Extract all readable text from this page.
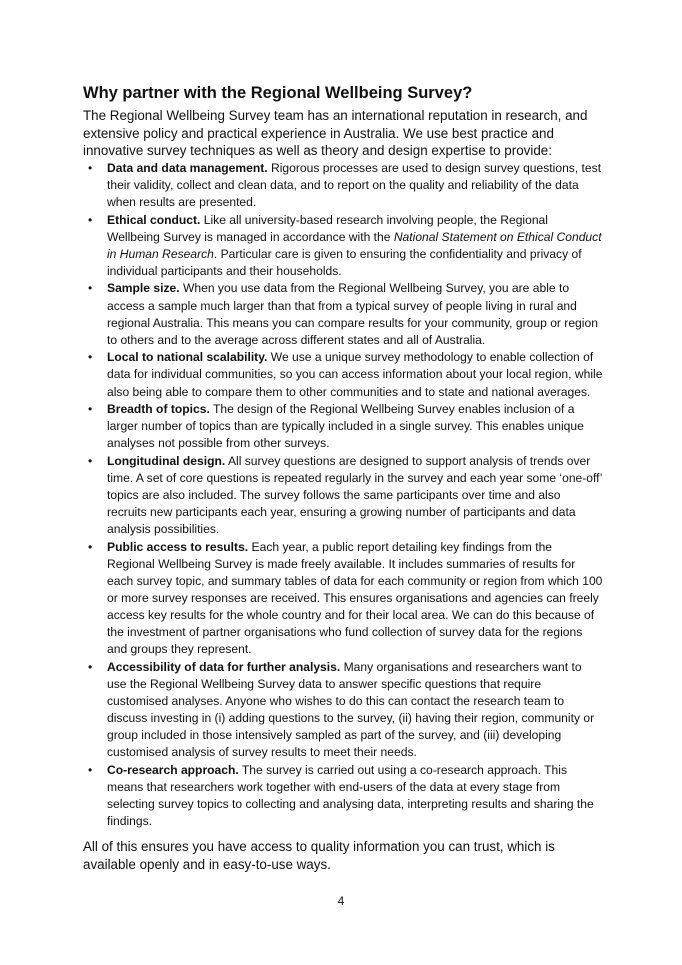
Why partner with the Regional Wellbeing Survey?

The Regional Wellbeing Survey team has an international reputation in research, and extensive policy and practical experience in Australia. We use best practice and innovative survey techniques as well as theory and design expertise to provide:

• Data and data management. Rigorous processes are used to design survey questions, test their validity, collect and clean data, and to report on the quality and reliability of the data when results are presented.
• Ethical conduct. Like all university-based research involving people, the Regional Wellbeing Survey is managed in accordance with the National Statement on Ethical Conduct in Human Research. Particular care is given to ensuring the confidentiality and privacy of individual participants and their households.
• Sample size. When you use data from the Regional Wellbeing Survey, you are able to access a sample much larger than that from a typical survey of people living in rural and regional Australia. This means you can compare results for your community, group or region to others and to the average across different states and all of Australia.
• Local to national scalability. We use a unique survey methodology to enable collection of data for individual communities, so you can access information about your local region, while also being able to compare them to other communities and to state and national averages.
• Breadth of topics. The design of the Regional Wellbeing Survey enables inclusion of a larger number of topics than are typically included in a single survey. This enables unique analyses not possible from other surveys.
• Longitudinal design. All survey questions are designed to support analysis of trends over time. A set of core questions is repeated regularly in the survey and each year some ‘one-off’ topics are also included. The survey follows the same participants over time and also recruits new participants each year, ensuring a growing number of participants and data analysis possibilities.
• Public access to results. Each year, a public report detailing key findings from the Regional Wellbeing Survey is made freely available. It includes summaries of results for each survey topic, and summary tables of data for each community or region from which 100 or more survey responses are received. This ensures organisations and agencies can freely access key results for the whole country and for their local area. We can do this because of the investment of partner organisations who fund collection of survey data for the regions and groups they represent.
• Accessibility of data for further analysis. Many organisations and researchers want to use the Regional Wellbeing Survey data to answer specific questions that require customised analyses. Anyone who wishes to do this can contact the research team to discuss investing in (i) adding questions to the survey, (ii) having their region, community or group included in those intensively sampled as part of the survey, and (iii) developing customised analysis of survey results to meet their needs.
• Co-research approach. The survey is carried out using a co-research approach. This means that researchers work together with end-users of the data at every stage from selecting survey topics to collecting and analysing data, interpreting results and sharing the findings.

All of this ensures you have access to quality information you can trust, which is available openly and in easy-to-use ways.

4
